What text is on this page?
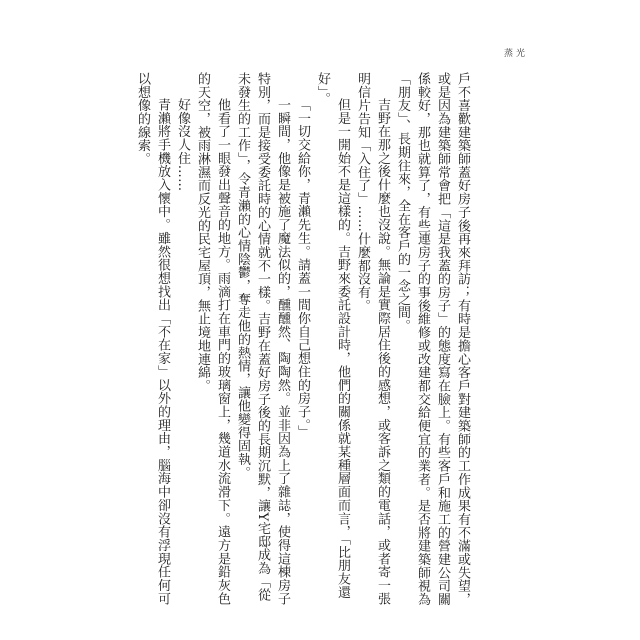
蒸光

戶不喜歡建築師蓋好房子後再來拜訪；有時是擔心客戶對建築師的工作成果有不滿或失望，或是因為建築師常會把「這是我蓋的房子」的態度寫在臉上。有些客戶和施工的營建公司關係較好，那也就算了，有些連房子的事後維修或改建都交給便宜的業者。是否將建築師視為「朋友」、長期往來，全在客戶的一念之間。

吉野在那之後什麼也沒說。無論是實際居住後的感想，或客訴之類的電話，或者寄一張明信片告知「入住了」……什麼都沒有。

但是一開始不是這樣的。吉野來委託設計時，他們的關係就某種層面而言，「比朋友還好」。

「一切交給你，青瀨先生。請蓋一間你自己想住的房子。」

一瞬間，他像是被施了魔法似的，醺醺然、陶陶然。並非因為上了雜誌，使得這棟房子特別，而是接受委託時的心情就不一樣。吉野在蓋好房子後的長期沉默，讓Y宅邸成為「從未發生的工作」，令青瀨的心情陰鬱，奪走他的熱情，讓他變得固執。

他看了一眼發出聲音的地方。雨滴打在車門的玻璃窗上，幾道水流滑下。遠方是鉛灰色的天空，被雨淋濕而反光的民宅屋頂，無止境地連綿。

好像沒人住……

青瀨將手機放入懷中。雖然很想找出「不在家」以外的理由，腦海中卻沒有浮現任何可以想像的線索。
